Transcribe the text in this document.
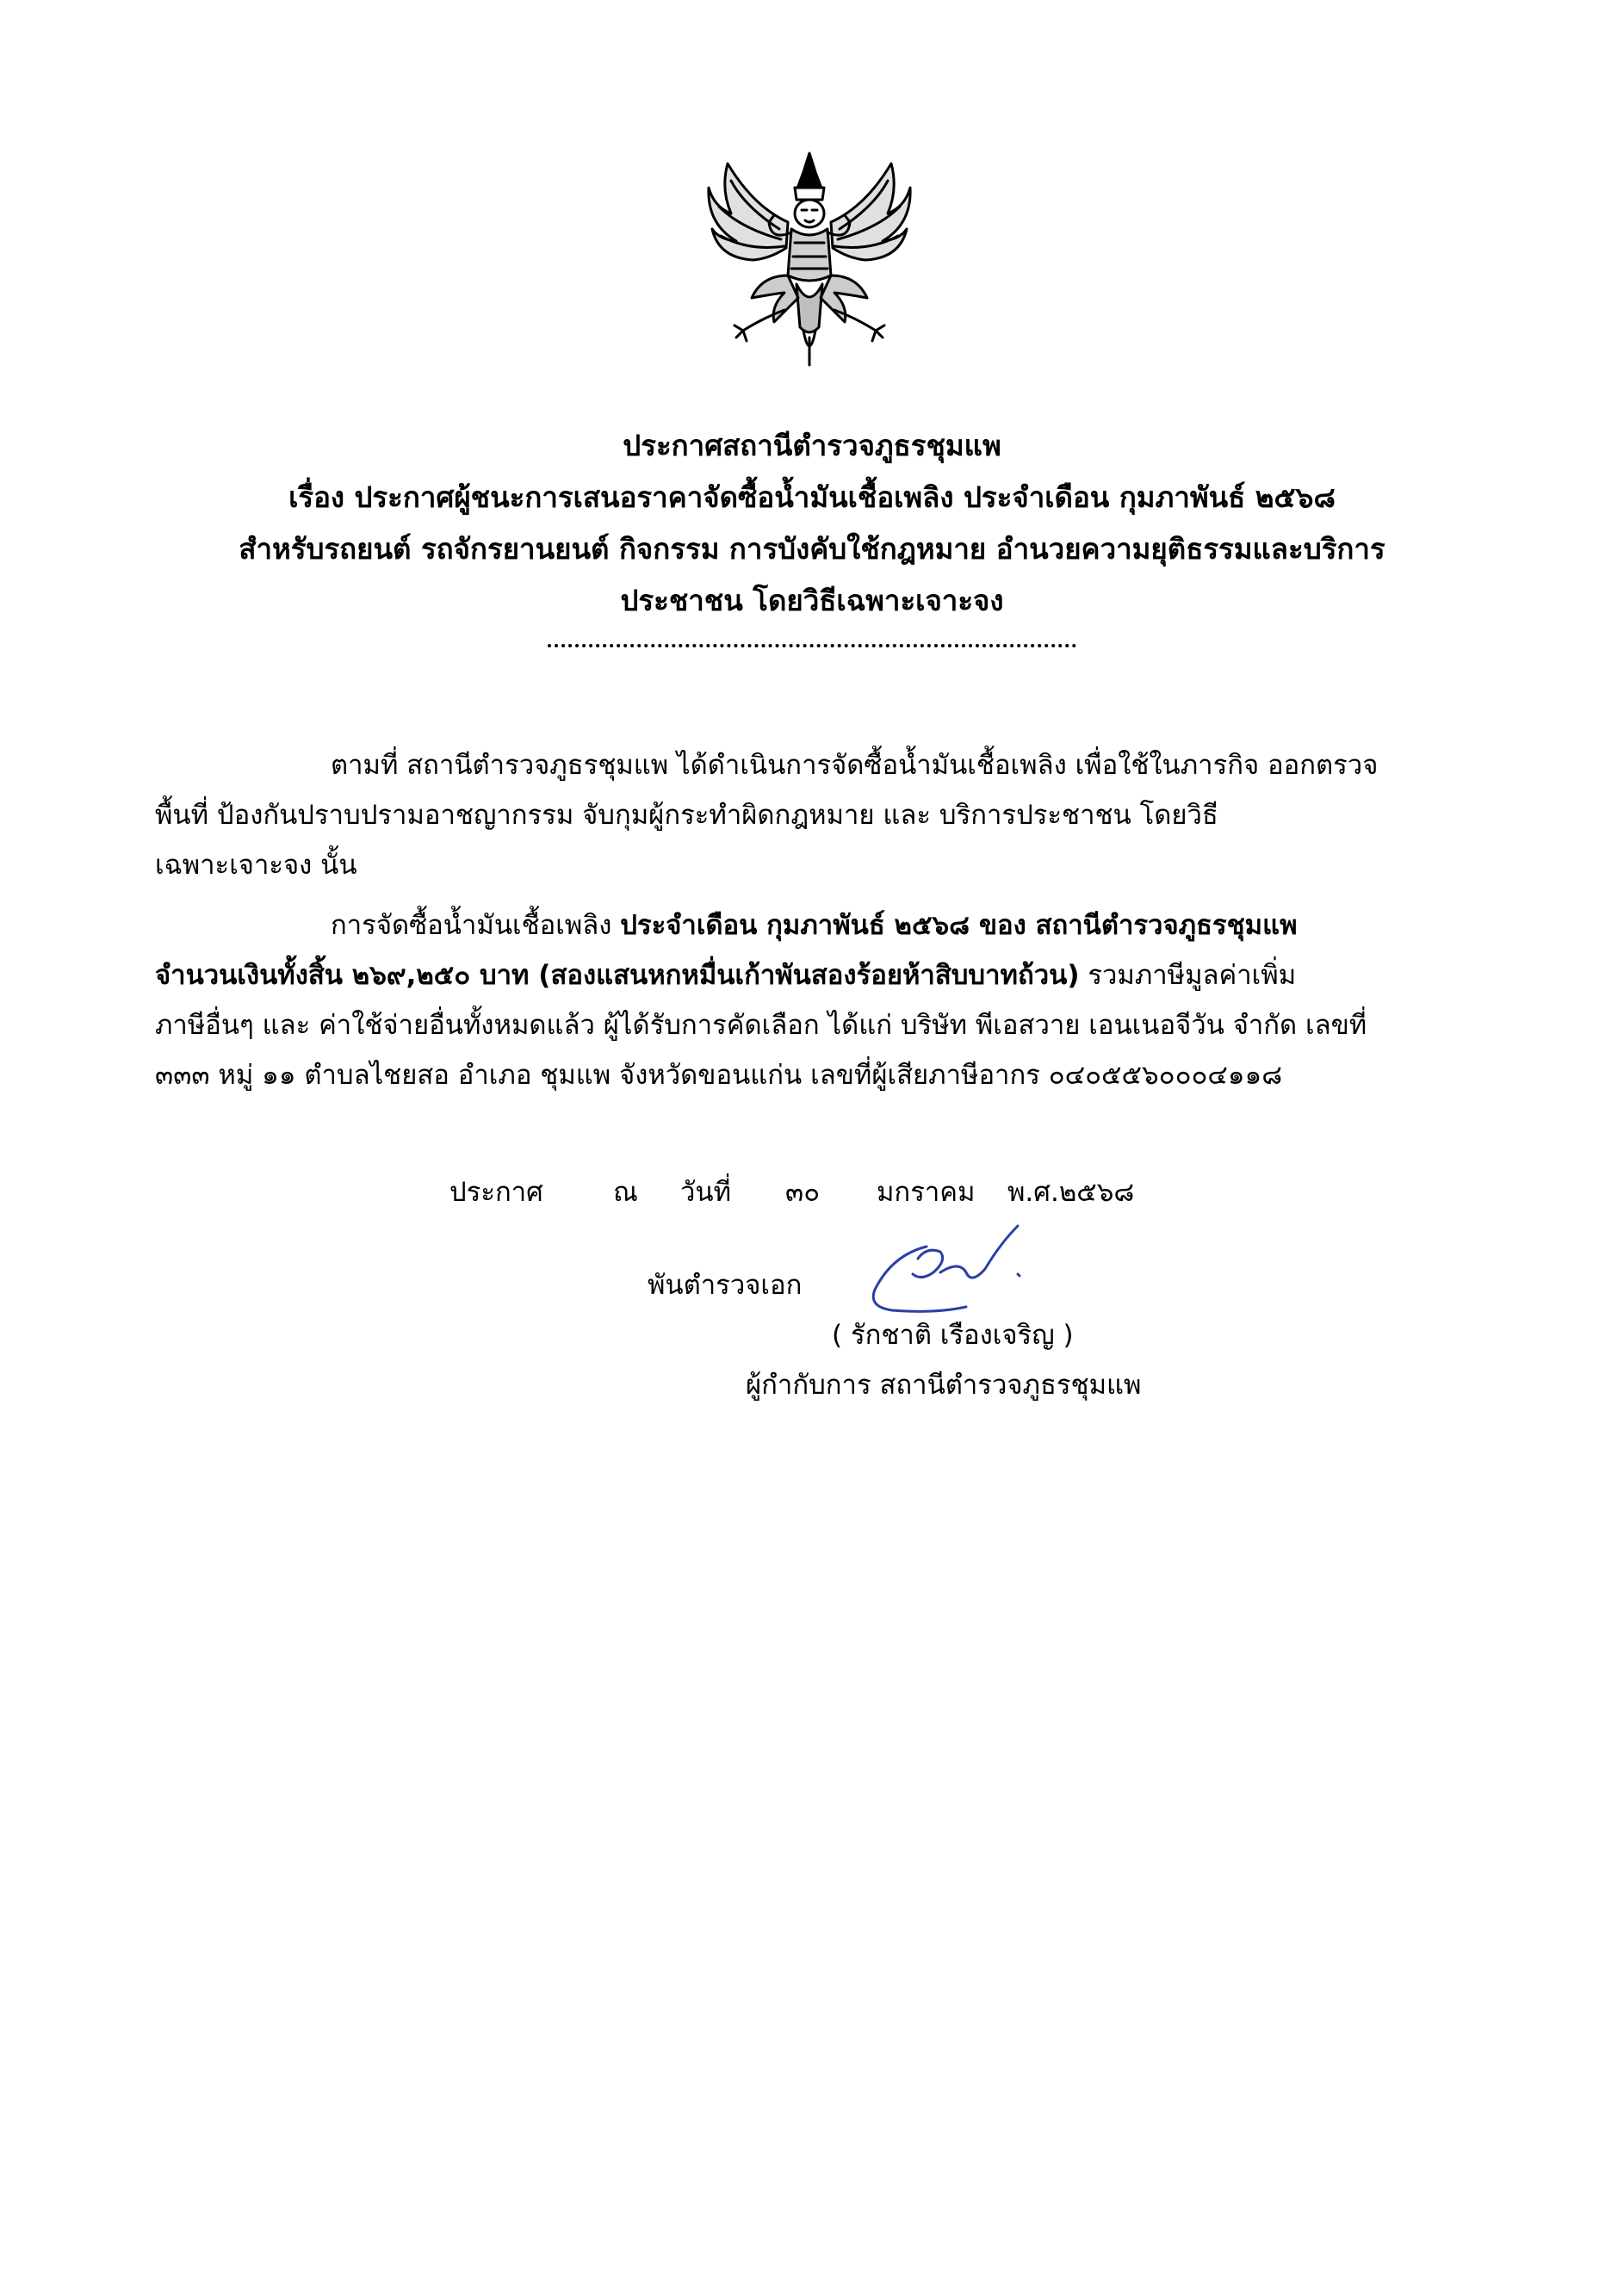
ประกาศสถานีตำรวจภูธรชุมแพ
เรื่อง ประกาศผู้ชนะการเสนอราคาจัดซื้อน้ำมันเชื้อเพลิง ประจำเดือน กุมภาพันธ์ ๒๕๖๘
สำหรับรถยนต์ รถจักรยานยนต์ กิจกรรม การบังคับใช้กฎหมาย อำนวยความยุติธรรมและบริการ
ประชาชน โดยวิธีเฉพาะเจาะจง
ตามที่ สถานีตำรวจภูธรชุมแพ ได้ดำเนินการจัดซื้อน้ำมันเชื้อเพลิง เพื่อใช้ในภารกิจ ออกตรวจ
พื้นที่ ป้องกันปราบปรามอาชญากรรม จับกุมผู้กระทำผิดกฎหมาย และ บริการประชาชน โดยวิธี
เฉพาะเจาะจง นั้น
การจัดซื้อน้ำมันเชื้อเพลิง ประจำเดือน กุมภาพันธ์ ๒๕๖๘ ของ สถานีตำรวจภูธรชุมแพ
จำนวนเงินทั้งสิ้น ๒๖๙,๒๕๐ บาท (สองแสนหกหมื่นเก้าพันสองร้อยห้าสิบบาทถ้วน) รวมภาษีมูลค่าเพิ่ม
ภาษีอื่นๆ และ ค่าใช้จ่ายอื่นทั้งหมดแล้ว ผู้ได้รับการคัดเลือก ได้แก่ บริษัท พีเอสวาย เอนเนอจีวัน จำกัด เลขที่
๓๓๓ หมู่ ๑๑ ตำบลไชยสอ อำเภอ ชุมแพ จังหวัดขอนแก่น เลขที่ผู้เสียภาษีอากร ๐๔๐๕๕๖๐๐๐๔๑๑๘
ประกาศ	ณ วันที่ ๓๐ มกราคม พ.ศ.๒๕๖๘
พันตำรวจเอก
( รักชาติ เรืองเจริญ )
ผู้กำกับการ สถานีตำรวจภูธรชุมแพ
